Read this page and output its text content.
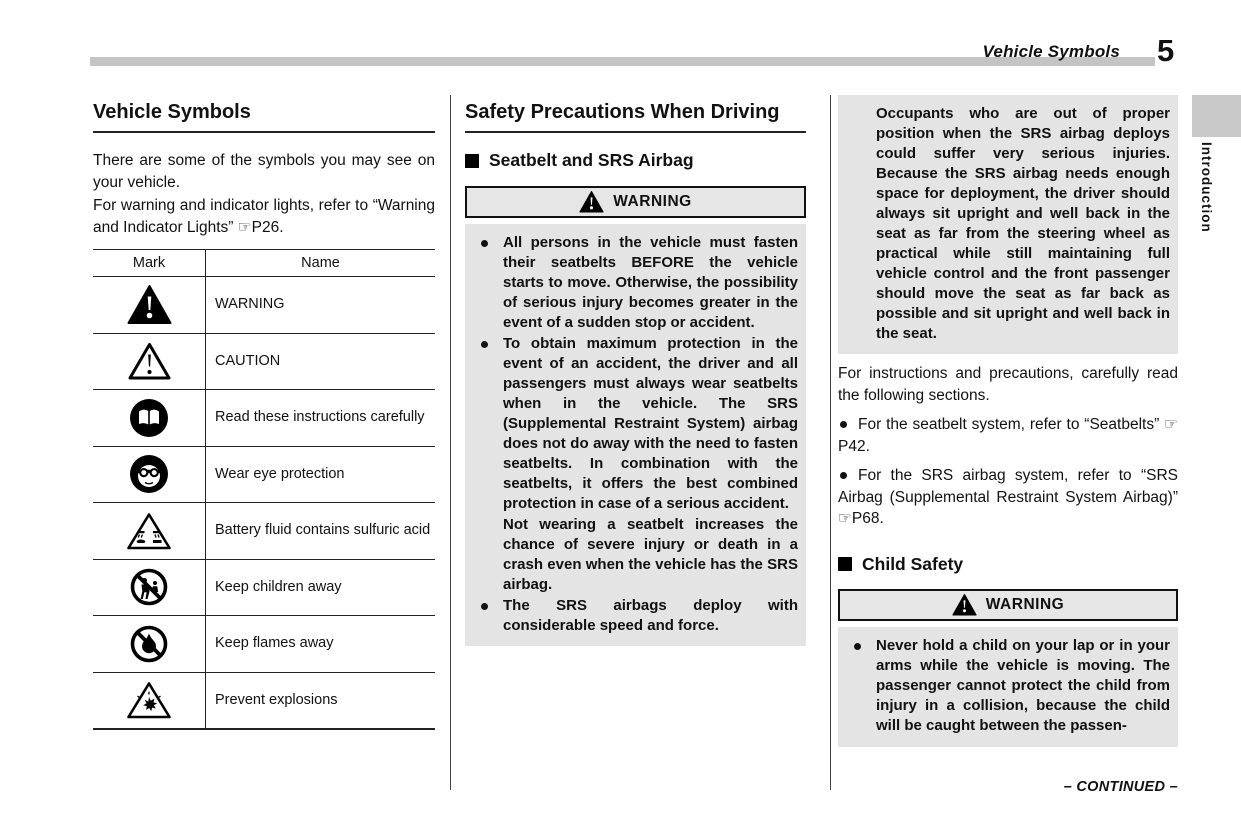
Vehicle Symbols 5
Introduction
Vehicle Symbols

There are some of the symbols you may see on your vehicle.

For warning and indicator lights, refer to “Warning and Indicator Lights” ☞P26.

Mark	Name
WARNING
CAUTION
Read these instructions carefully
Wear eye protection
Battery fluid contains sulfuric acid
Keep children away
Keep flames away
Prevent explosions
Safety Precautions When Driving
Seatbelt and SRS Airbag
WARNING

All persons in the vehicle must fasten their seatbelts BEFORE the vehicle starts to move. Otherwise, the possibility of serious injury becomes greater in the event of a sudden stop or accident.

To obtain maximum protection in the event of an accident, the driver and all passengers must always wear seatbelts when in the vehicle. The SRS (Supplemental Restraint System) airbag does not do away with the need to fasten seatbelts. In combination with the seatbelts, it offers the best combined protection in case of a serious accident.

Not wearing a seatbelt increases the chance of severe injury or death in a crash even when the vehicle has the SRS airbag.

The SRS airbags deploy with considerable speed and force.

Occupants who are out of proper position when the SRS airbag deploys could suffer very serious injuries. Because the SRS airbag needs enough space for deployment, the driver should always sit upright and well back in the seat as far from the steering wheel as practical while still maintaining full vehicle control and the front passenger should move the seat as far back as possible and sit upright and well back in the seat.

For instructions and precautions, carefully read the following sections.

For the seatbelt system, refer to “Seatbelts” ☞P42.

For the SRS airbag system, refer to “SRS Airbag (Supplemental Restraint System Airbag)” ☞P68.

Child Safety
WARNING

Never hold a child on your lap or in your arms while the vehicle is moving. The passenger cannot protect the child from injury in a collision, because the child will be caught between the passen-

– CONTINUED –
